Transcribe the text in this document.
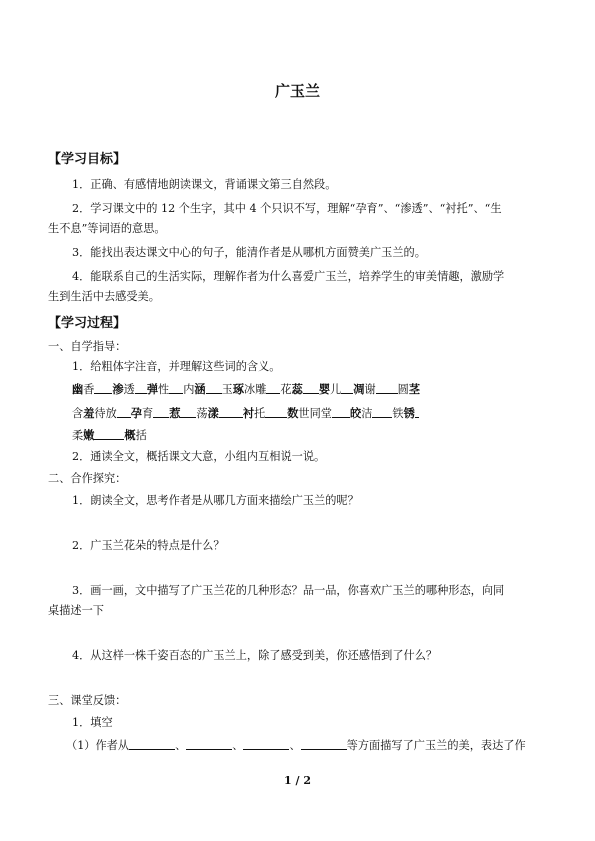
广玉兰
【学习目标】
1．正确、有感情地朗读课文，背诵课文第三自然段。
2．学习课文中的 12 个生字，其中 4 个只识不写，理解“孕育”、“渗透”、“衬托”、“生
生不息”等词语的意思。
3．能找出表达课文中心的句子，能清作者是从哪机方面赞美广玉兰的。
4．能联系自己的生活实际，理解作者为什么喜爱广玉兰，培养学生的审美情趣，激励学
生到生活中去感受美。
【学习过程】
一、自学指导：
1．给粗体字注音，并理解这些词的含义。
幽香 渗透 弹性 内涵 玉琢冰雕 花蕊 婴儿 凋谢 圆茎
含羞待放 孕育 惹 荡漾 衬托 数世同堂 皎洁 铁锈
柔嫩	概括
2．通读全文，概括课文大意，小组内互相说一说。
二、合作探究：
1．朗读全文，思考作者是从哪几方面来描绘广玉兰的呢？
2．广玉兰花朵的特点是什么？
3．画一画，文中描写了广玉兰花的几种形态？品一品，你喜欢广玉兰的哪种形态，向同
桌描述一下
4．从这样一株千姿百态的广玉兰上，除了感受到美，你还感悟到了什么？
三、课堂反馈：
1．填空
（1）作者从	、	、	、	等方面描写了广玉兰的美，表达了作
1 / 2
